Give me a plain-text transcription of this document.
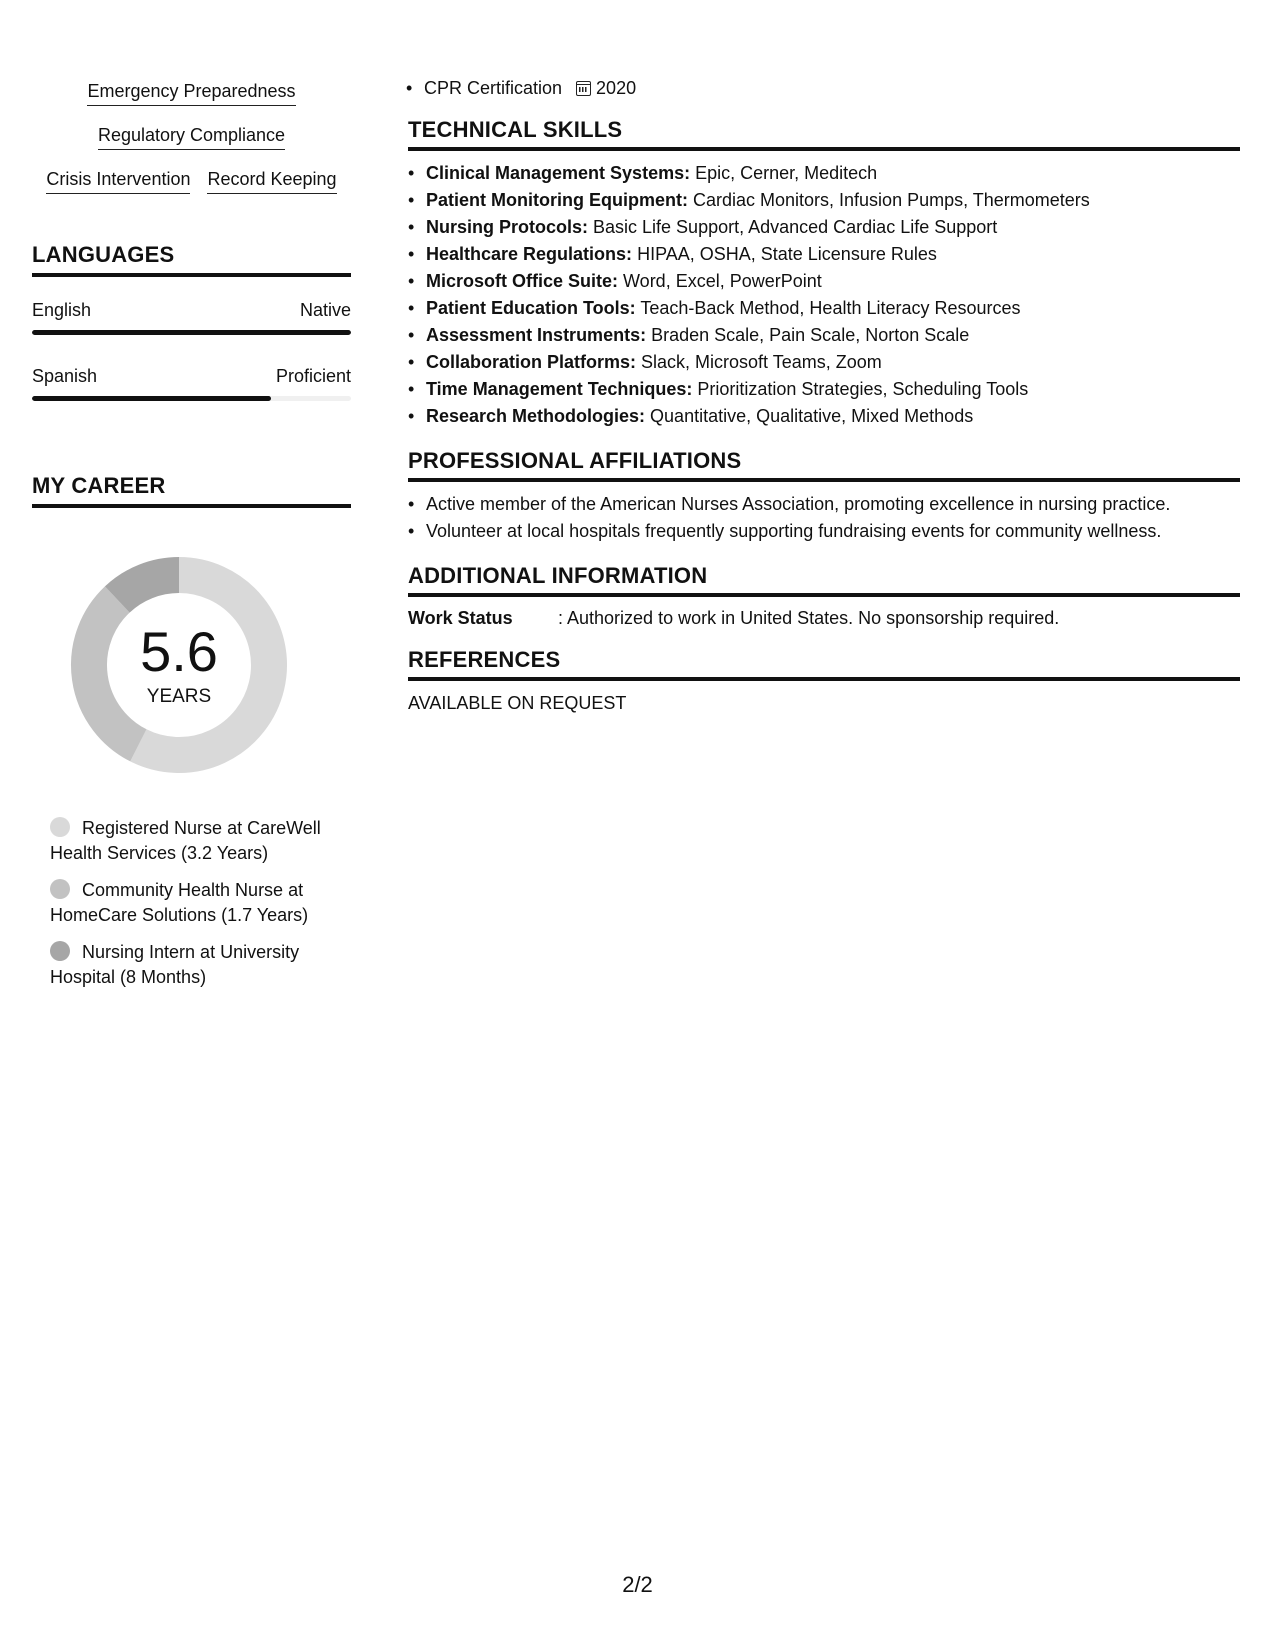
Emergency Preparedness
Regulatory Compliance
Crisis Intervention Record Keeping
LANGUAGES
English	Native
Spanish	Proficient
MY CAREER
5.6
YEARS
Registered Nurse at CareWell Health Services (3.2 Years)
Community Health Nurse at HomeCare Solutions (1.7 Years)
Nursing Intern at University Hospital (8 Months)
• CPR Certification 2020
TECHNICAL SKILLS
• Clinical Management Systems: Epic, Cerner, Meditech
• Patient Monitoring Equipment: Cardiac Monitors, Infusion Pumps, Thermometers
• Nursing Protocols: Basic Life Support, Advanced Cardiac Life Support
• Healthcare Regulations: HIPAA, OSHA, State Licensure Rules
• Microsoft Office Suite: Word, Excel, PowerPoint
• Patient Education Tools: Teach-Back Method, Health Literacy Resources
• Assessment Instruments: Braden Scale, Pain Scale, Norton Scale
• Collaboration Platforms: Slack, Microsoft Teams, Zoom
• Time Management Techniques: Prioritization Strategies, Scheduling Tools
• Research Methodologies: Quantitative, Qualitative, Mixed Methods
PROFESSIONAL AFFILIATIONS
• Active member of the American Nurses Association, promoting excellence in nursing practice.
• Volunteer at local hospitals frequently supporting fundraising events for community wellness.
ADDITIONAL INFORMATION
Work Status	: Authorized to work in United States. No sponsorship required.
REFERENCES
AVAILABLE ON REQUEST
2/2
